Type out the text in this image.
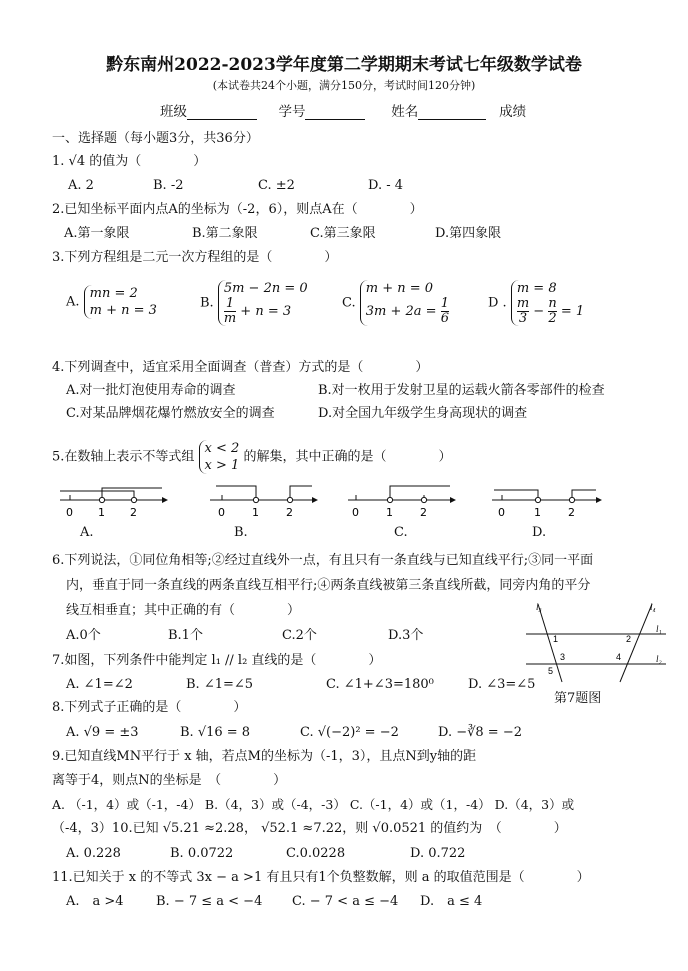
黔东南州2022-2023学年度第二学期期末考试七年级数学试卷
(本试卷共24个小题，满分150分，考试时间120分钟)
班级	学号	姓名	成绩
一、选择题（每小题3分，共36分）
1. √4 的值为（　　　　）
A. 2	B. -2	C. ±2	D. - 4
2.已知坐标平面内点A的坐标为（-2，6），则点A在（　　　　）
A.第一象限	B.第二象限	C.第三象限	D.第四象限
3.下列方程组是二元一次方程组的是（　　　　）
A. mn = 2
m + n = 3	B. 5m − 2n = 0

$\frac{1}{m} + n = 3$
C. m + n = 0
$3m + 2a = \frac{1}{6}$	D . m = 8

$\frac{m}{3} - \frac{n}{2} = 1$
4.下列调查中，适宜采用全面调查（普查）方式的是（　　　　）
A.对一批灯泡使用寿命的调查	B.对一枚用于发射卫星的运载火箭各零部件的检查
C.对某品牌烟花爆竹燃放安全的调查	D.对全国九年级学生身高现状的调查
5.在数轴上表示不等式组 x < 2
x > 1 的解集，其中正确的是（　　　　）
0 1 2
A.
0 1 2
B.
0 1 2
C.
0	1 2
D.
6.下列说法，①同位角相等;②经过直线外一点，有且只有一条直线与已知直线平行;③同一平面
内，垂直于同一条直线的两条直线互相平行;④两条直线被第三条直线所截，同旁内角的平分
线互相垂直；其中正确的有（　　　　）
A.0个	B.1个	C.2个	D.3个
l₃	l₄
l₁
l₂
1	2
3	4
5
第7题图
7.如图，下列条件中能判定 l₁ // l₂ 直线的是（　　　　）
A. ∠1=∠2	B. ∠1=∠5	C. ∠1+∠3=180⁰	D. ∠3=∠5
8.下列式子正确的是（　　　　）
A. √9 = ±3	B. √16 = 8	C. √(−2)² = −2	D. −∛8 = −2
9.已知直线MN平行于 x 轴，若点M的坐标为（-1，3），且点N到y轴的距
离等于4，则点N的坐标是　（　　　　）
A. （-1，4）或（-1，-4） B.（4，3）或（-4，-3） C.（-1，4）或（1，-4） D.（4，3）或
（-4，3）10.已知 √5.21 ≈2.28， √52.1 ≈7.22，则 √0.0521 的值约为　（　　　　）
A. 0.228	B. 0.0722	C.0.0228	D. 0.722
11.已知关于 x 的不等式 3x − a >1 有且只有1个负整数解，则 a 的取值范围是（　　　　）
A.　a >4 B. − 7 ≤ a < −4 C. − 7 < a ≤ −4 D.　a ≤ 4
